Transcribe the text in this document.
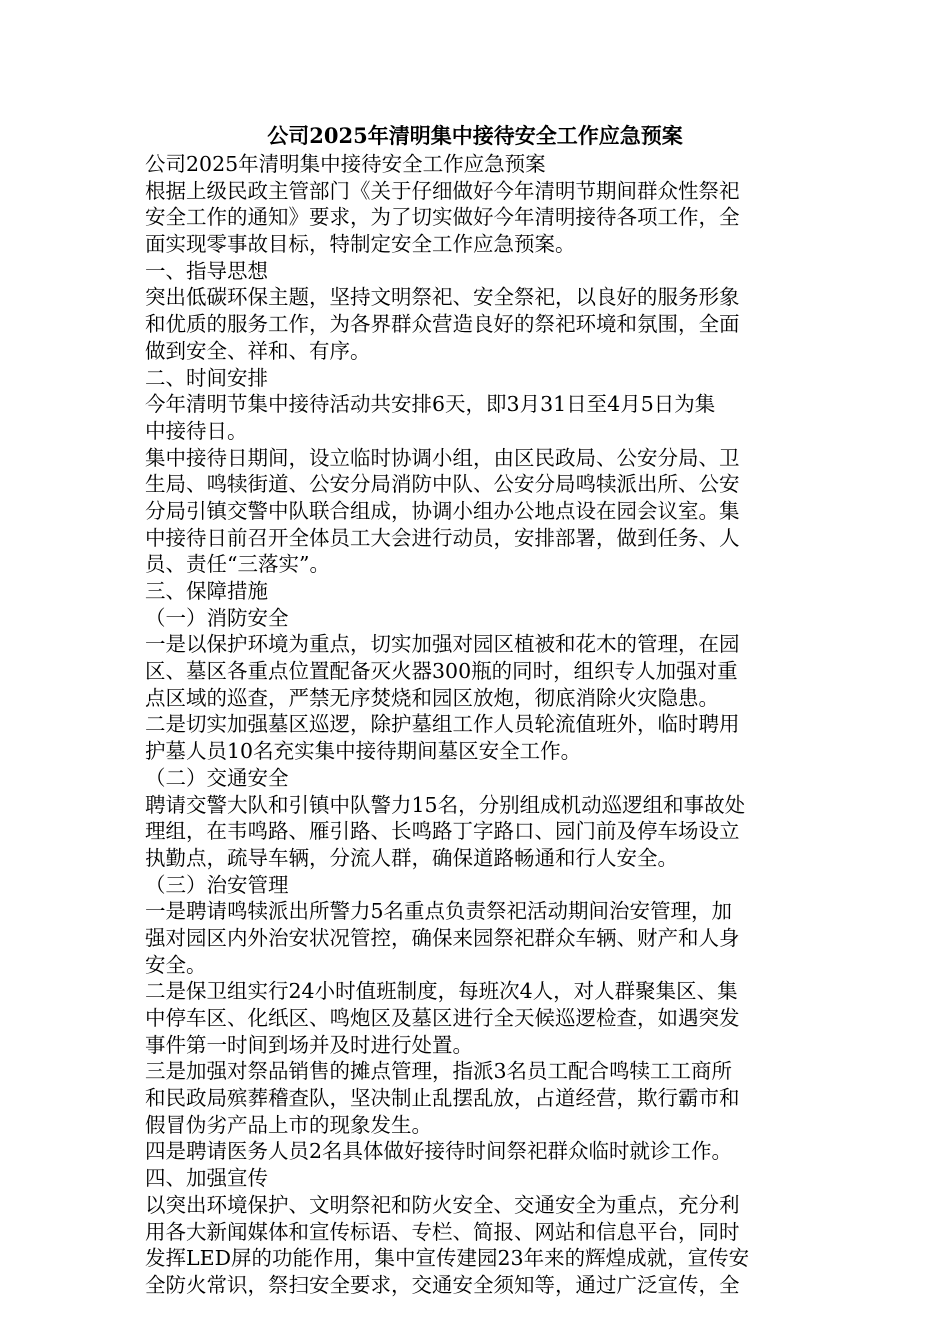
公司2025年清明集中接待安全工作应急预案

公司2025年清明集中接待安全工作应急预案

根据上级民政主管部门《关于仔细做好今年清明节期间群众性祭祀

安全工作的通知》要求，为了切实做好今年清明接待各项工作，全

面实现零事故目标，特制定安全工作应急预案。

一、指导思想

突出低碳环保主题，坚持文明祭祀、安全祭祀，以良好的服务形象

和优质的服务工作，为各界群众营造良好的祭祀环境和氛围，全面

做到安全、祥和、有序。

二、时间安排

今年清明节集中接待活动共安排6天，即3月31日至4月5日为集

中接待日。

集中接待日期间，设立临时协调小组，由区民政局、公安分局、卫

生局、鸣犊街道、公安分局消防中队、公安分局鸣犊派出所、公安

分局引镇交警中队联合组成，协调小组办公地点设在园会议室。集

中接待日前召开全体员工大会进行动员，安排部署，做到任务、人

员、责任“三落实”。

三、保障措施

（一）消防安全

一是以保护环境为重点，切实加强对园区植被和花木的管理，在园

区、墓区各重点位置配备灭火器300瓶的同时，组织专人加强对重

点区域的巡查，严禁无序焚烧和园区放炮，彻底消除火灾隐患。

二是切实加强墓区巡逻，除护墓组工作人员轮流值班外，临时聘用

护墓人员10名充实集中接待期间墓区安全工作。

（二）交通安全

聘请交警大队和引镇中队警力15名，分别组成机动巡逻组和事故处

理组，在韦鸣路、雁引路、长鸣路丁字路口、园门前及停车场设立

执勤点，疏导车辆，分流人群，确保道路畅通和行人安全。

（三）治安管理

一是聘请鸣犊派出所警力5名重点负责祭祀活动期间治安管理，加

强对园区内外治安状况管控，确保来园祭祀群众车辆、财产和人身

安全。

二是保卫组实行24小时值班制度，每班次4人，对人群聚集区、集

中停车区、化纸区、鸣炮区及墓区进行全天候巡逻检查，如遇突发

事件第一时间到场并及时进行处置。

三是加强对祭品销售的摊点管理，指派3名员工配合鸣犊工工商所

和民政局殡葬稽查队，坚决制止乱摆乱放，占道经营，欺行霸市和

假冒伪劣产品上市的现象发生。

四是聘请医务人员2名具体做好接待时间祭祀群众临时就诊工作。

四、加强宣传

以突出环境保护、文明祭祀和防火安全、交通安全为重点，充分利

用各大新闻媒体和宣传标语、专栏、简报、网站和信息平台，同时

发挥LED屏的功能作用，集中宣传建园23年来的辉煌成就，宣传安

全防火常识，祭扫安全要求，交通安全须知等，通过广泛宣传，全
